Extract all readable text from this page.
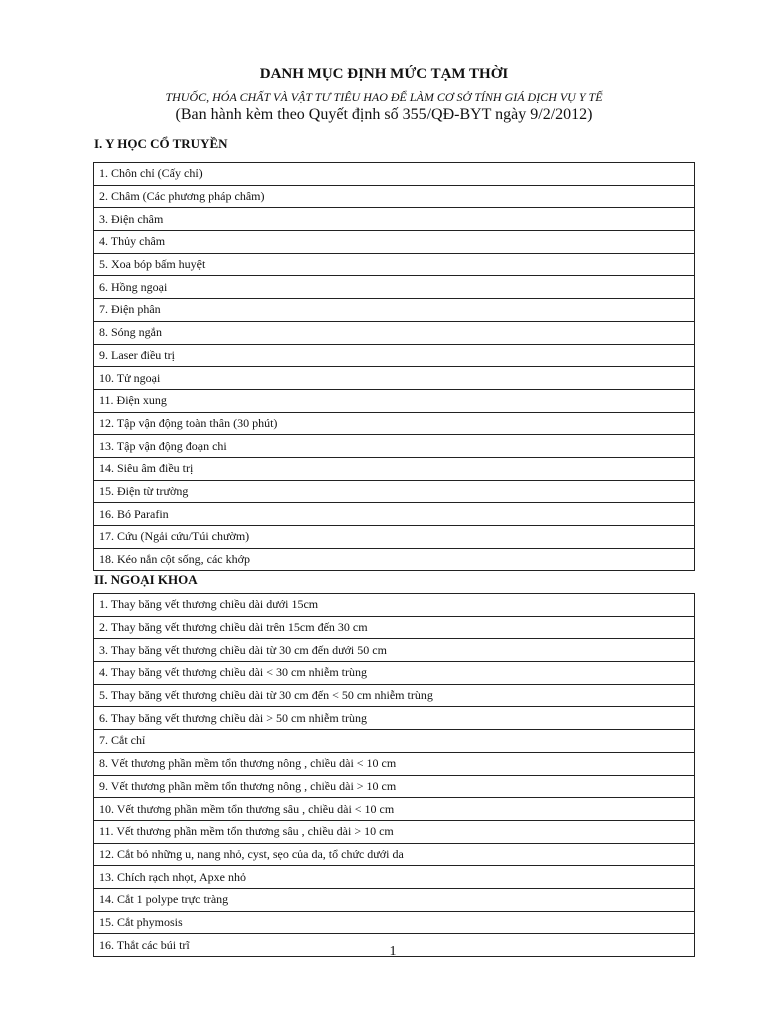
DANH MỤC ĐỊNH MỨC TẠM THỜI
THUỐC, HÓA CHẤT VÀ VẬT TƯ TIÊU HAO ĐỂ LÀM CƠ SỞ TÍNH GIÁ DỊCH VỤ Y TẾ
(Ban hành kèm theo Quyết định số 355/QĐ-BYT ngày 9/2/2012)
I. Y HỌC CỔ TRUYỀN
1. Chôn chỉ (Cấy chỉ)
2. Châm (Các phương pháp châm)
3. Điện châm
4. Thủy châm
5. Xoa bóp bấm huyệt
6. Hồng ngoại
7. Điện phân
8. Sóng ngắn
9. Laser điều trị
10. Tử ngoại
11. Điện xung
12. Tập vận động toàn thân (30 phút)
13. Tập vận động đoạn chi
14. Siêu âm điều trị
15. Điện từ trường
16. Bó Parafin
17. Cứu (Ngải cứu/Túi chườm)
18. Kéo nắn cột sống, các khớp
II. NGOẠI KHOA
1. Thay băng vết thương chiều dài dưới 15cm
2. Thay băng vết thương chiều dài trên 15cm đến 30 cm
3. Thay băng vết thương chiều dài từ 30 cm đến dưới 50 cm
4. Thay băng vết thương chiều dài < 30 cm nhiễm trùng
5. Thay băng vết thương chiều dài từ 30 cm đến < 50 cm nhiễm trùng
6. Thay băng vết thương chiều dài > 50 cm nhiễm trùng
7. Cắt chỉ
8. Vết thương phần mềm tổn thương nông , chiều dài < 10 cm
9. Vết thương phần mềm tổn thương nông , chiều dài > 10 cm
10. Vết thương phần mềm tổn thương sâu , chiều dài < 10 cm
11. Vết thương phần mềm tổn thương sâu , chiều dài > 10 cm
12. Cắt bỏ những u, nang nhỏ, cyst, sẹo của da, tổ chức dưới da
13. Chích rạch nhọt, Apxe nhỏ
14. Cắt 1 polype trực tràng
15. Cắt phymosis
16. Thắt các búi trĩ	1
